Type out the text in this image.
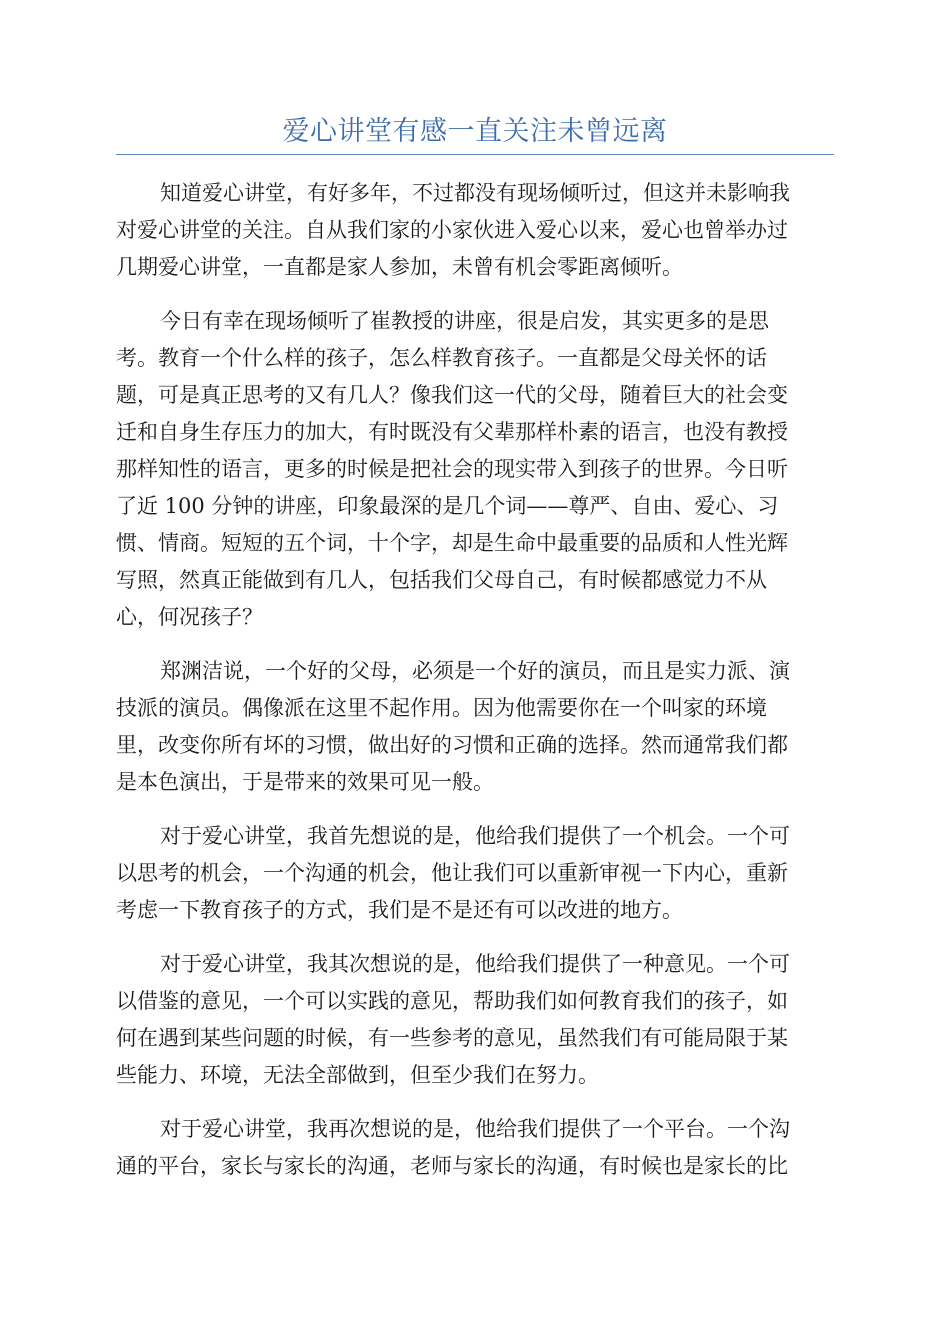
爱心讲堂有感一直关注未曾远离
知道爱心讲堂，有好多年，不过都没有现场倾听过，但这并未影响我
对爱心讲堂的关注。自从我们家的小家伙进入爱心以来，爱心也曾举办过
几期爱心讲堂，一直都是家人参加，未曾有机会零距离倾听。
今日有幸在现场倾听了崔教授的讲座，很是启发，其实更多的是思
考。教育一个什么样的孩子，怎么样教育孩子。一直都是父母关怀的话
题，可是真正思考的又有几人？像我们这一代的父母，随着巨大的社会变
迁和自身生存压力的加大，有时既没有父辈那样朴素的语言，也没有教授
那样知性的语言，更多的时候是把社会的现实带入到孩子的世界。今日听
了近 100 分钟的讲座，印象最深的是几个词——尊严、自由、爱心、习
惯、情商。短短的五个词，十个字，却是生命中最重要的品质和人性光辉
写照，然真正能做到有几人，包括我们父母自己，有时候都感觉力不从
心，何况孩子？
郑渊洁说，一个好的父母，必须是一个好的演员，而且是实力派、演
技派的演员。偶像派在这里不起作用。因为他需要你在一个叫家的环境
里，改变你所有坏的习惯，做出好的习惯和正确的选择。然而通常我们都
是本色演出，于是带来的效果可见一般。
对于爱心讲堂，我首先想说的是，他给我们提供了一个机会。一个可
以思考的机会，一个沟通的机会，他让我们可以重新审视一下内心，重新
考虑一下教育孩子的方式，我们是不是还有可以改进的地方。
对于爱心讲堂，我其次想说的是，他给我们提供了一种意见。一个可
以借鉴的意见，一个可以实践的意见，帮助我们如何教育我们的孩子，如
何在遇到某些问题的时候，有一些参考的意见，虽然我们有可能局限于某
些能力、环境，无法全部做到，但至少我们在努力。
对于爱心讲堂，我再次想说的是，他给我们提供了一个平台。一个沟
通的平台，家长与家长的沟通，老师与家长的沟通，有时候也是家长的比
